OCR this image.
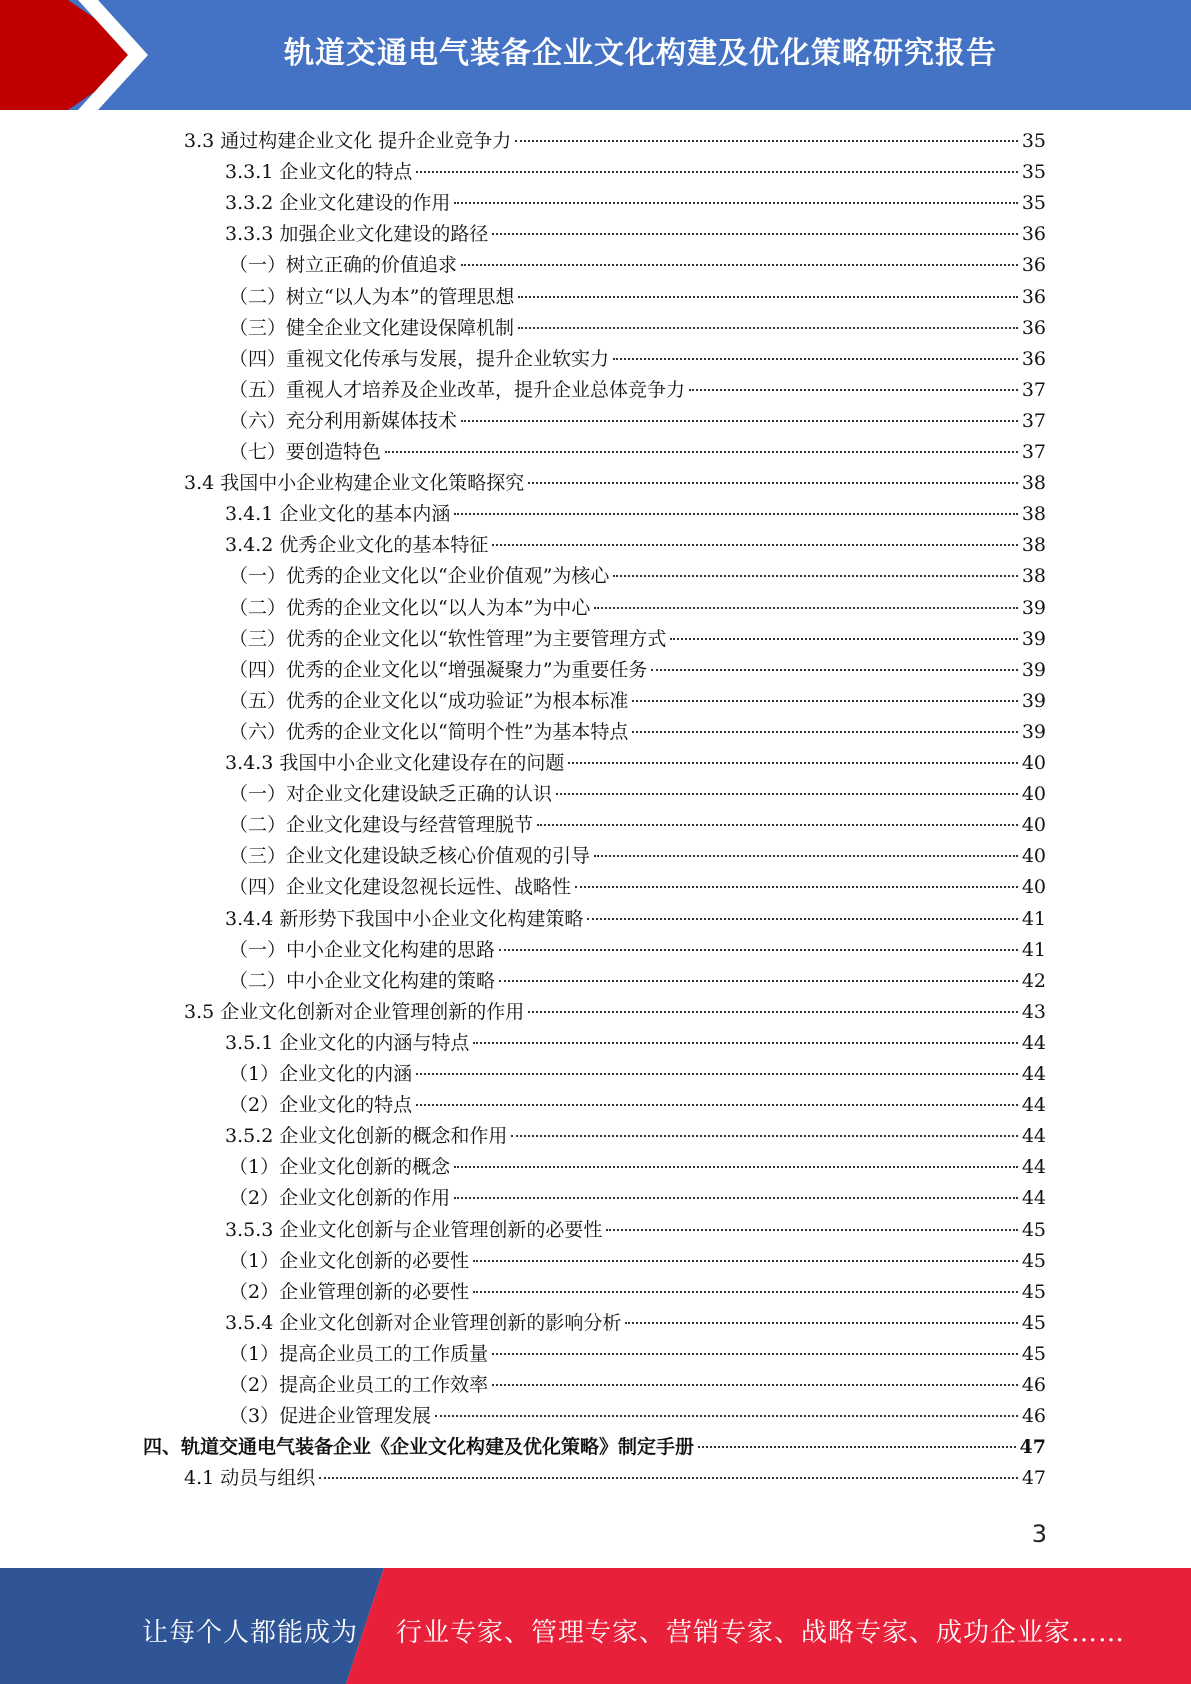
轨道交通电气装备企业文化构建及优化策略研究报告
3.3 通过构建企业文化 提升企业竞争力	35
3.3.1 企业文化的特点	35
3.3.2 企业文化建设的作用	35
3.3.3 加强企业文化建设的路径	36
（一）树立正确的价值追求	36
（二）树立“以人为本”的管理思想	36
（三）健全企业文化建设保障机制	36
（四）重视文化传承与发展，提升企业软实力	36
（五）重视人才培养及企业改革，提升企业总体竞争力	37
（六）充分利用新媒体技术	37
（七）要创造特色	37
3.4 我国中小企业构建企业文化策略探究	38
3.4.1 企业文化的基本内涵	38
3.4.2 优秀企业文化的基本特征	38
（一）优秀的企业文化以“企业价值观”为核心	38
（二）优秀的企业文化以“以人为本”为中心	39
（三）优秀的企业文化以“软性管理”为主要管理方式	39
（四）优秀的企业文化以“增强凝聚力”为重要任务	39
（五）优秀的企业文化以“成功验证”为根本标准	39
（六）优秀的企业文化以“简明个性”为基本特点	39
3.4.3 我国中小企业文化建设存在的问题	40
（一）对企业文化建设缺乏正确的认识	40
（二）企业文化建设与经营管理脱节	40
（三）企业文化建设缺乏核心价值观的引导	40
（四）企业文化建设忽视长远性、战略性	40
3.4.4 新形势下我国中小企业文化构建策略	41
（一）中小企业文化构建的思路	41
（二）中小企业文化构建的策略	42
3.5 企业文化创新对企业管理创新的作用	43
3.5.1 企业文化的内涵与特点	44
（1）企业文化的内涵	44
（2）企业文化的特点	44
3.5.2 企业文化创新的概念和作用	44
（1）企业文化创新的概念	44
（2）企业文化创新的作用	44
3.5.3 企业文化创新与企业管理创新的必要性	45
（1）企业文化创新的必要性	45
（2）企业管理创新的必要性	45
3.5.4 企业文化创新对企业管理创新的影响分析	45
（1）提高企业员工的工作质量	45
（2）提高企业员工的工作效率	46
（3）促进企业管理发展	46
四、轨道交通电气装备企业《企业文化构建及优化策略》制定手册	47
4.1 动员与组织	47
3
让每个人都能成为 行业专家、管理专家、营销专家、战略专家、成功企业家……
